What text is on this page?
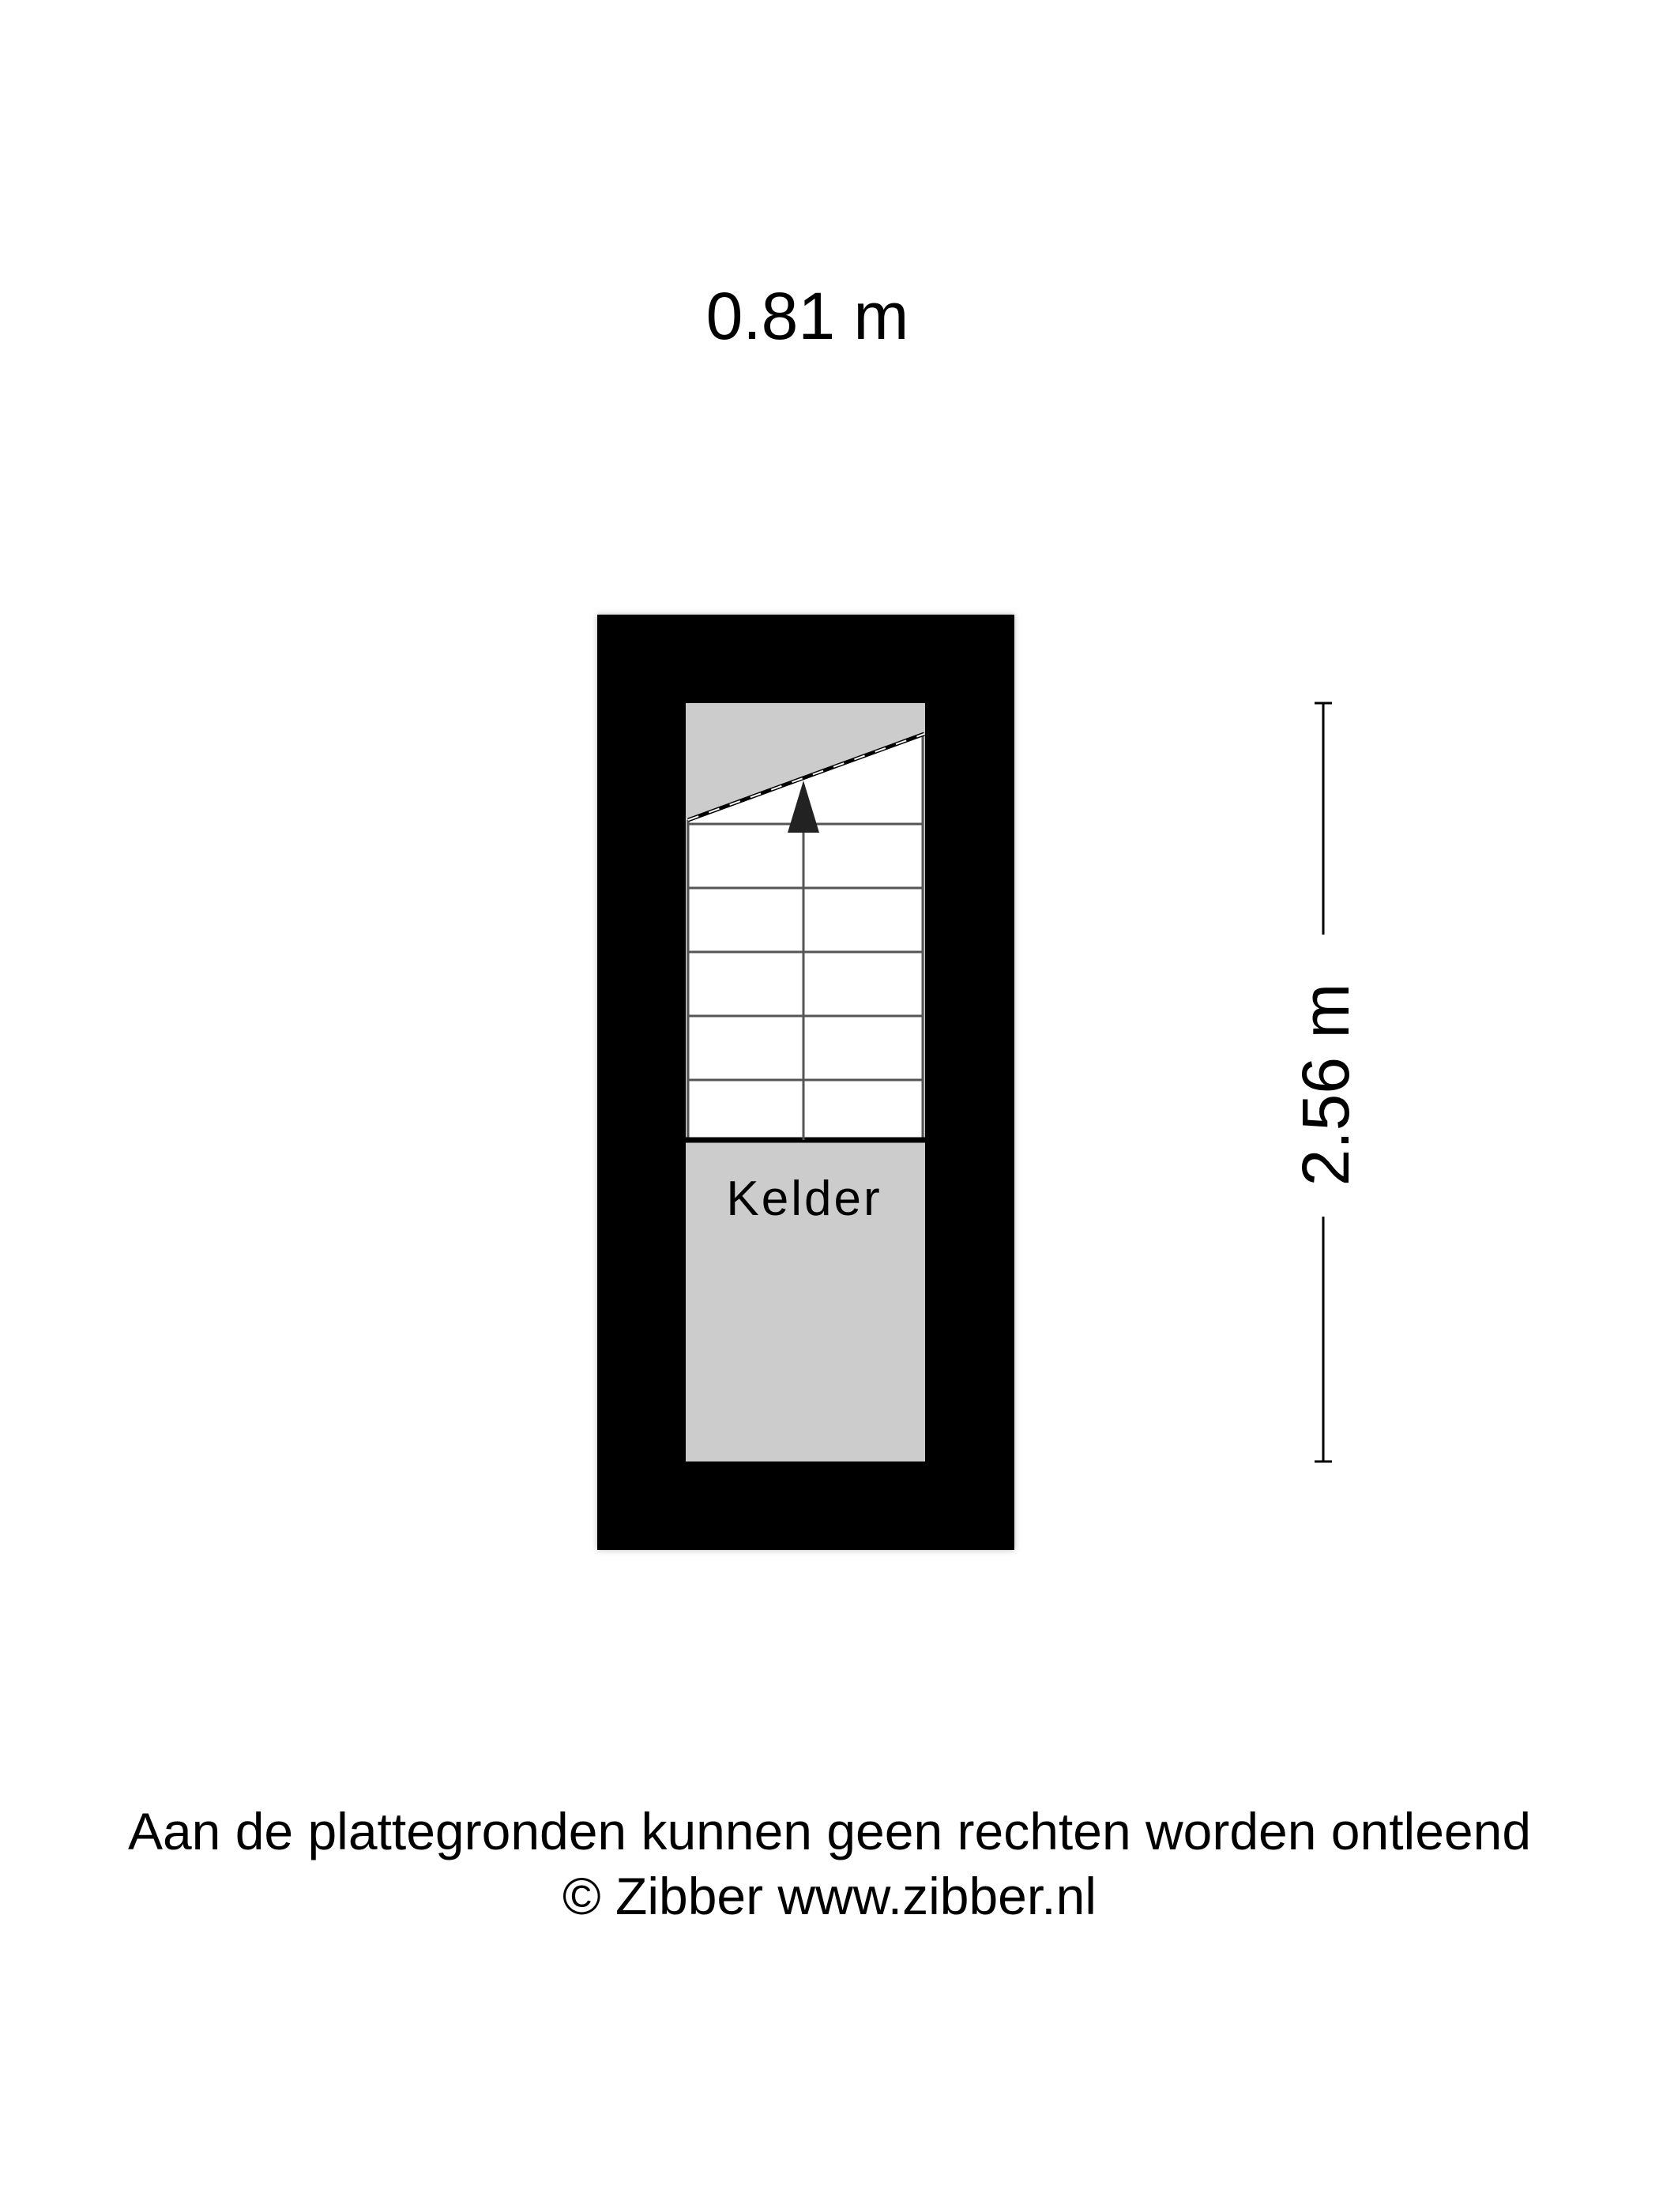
0.81 m
2.56 m
Kelder
Aan de plattegronden kunnen geen rechten worden ontleend
© Zibber www.zibber.nl
